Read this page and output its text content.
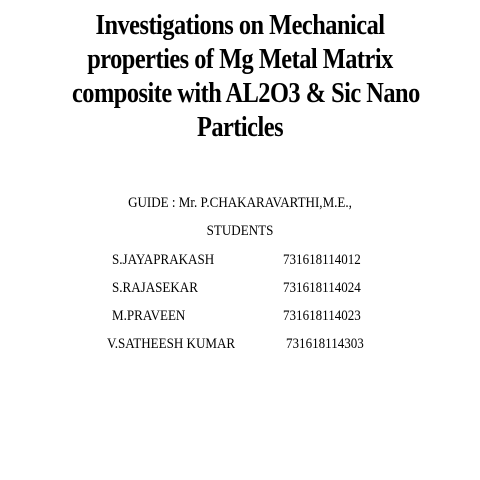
Investigations on Mechanical
properties of Mg Metal Matrix
composite with AL2O3 & Sic Nano
Particles
GUIDE : Mr. P.CHAKARAVARTHI,M.E.,
STUDENTS
S.JAYAPRAKASH	731618114012
S.RAJASEKAR	731618114024
M.PRAVEEN	731618114023
V.SATHEESH KUMAR	731618114303
